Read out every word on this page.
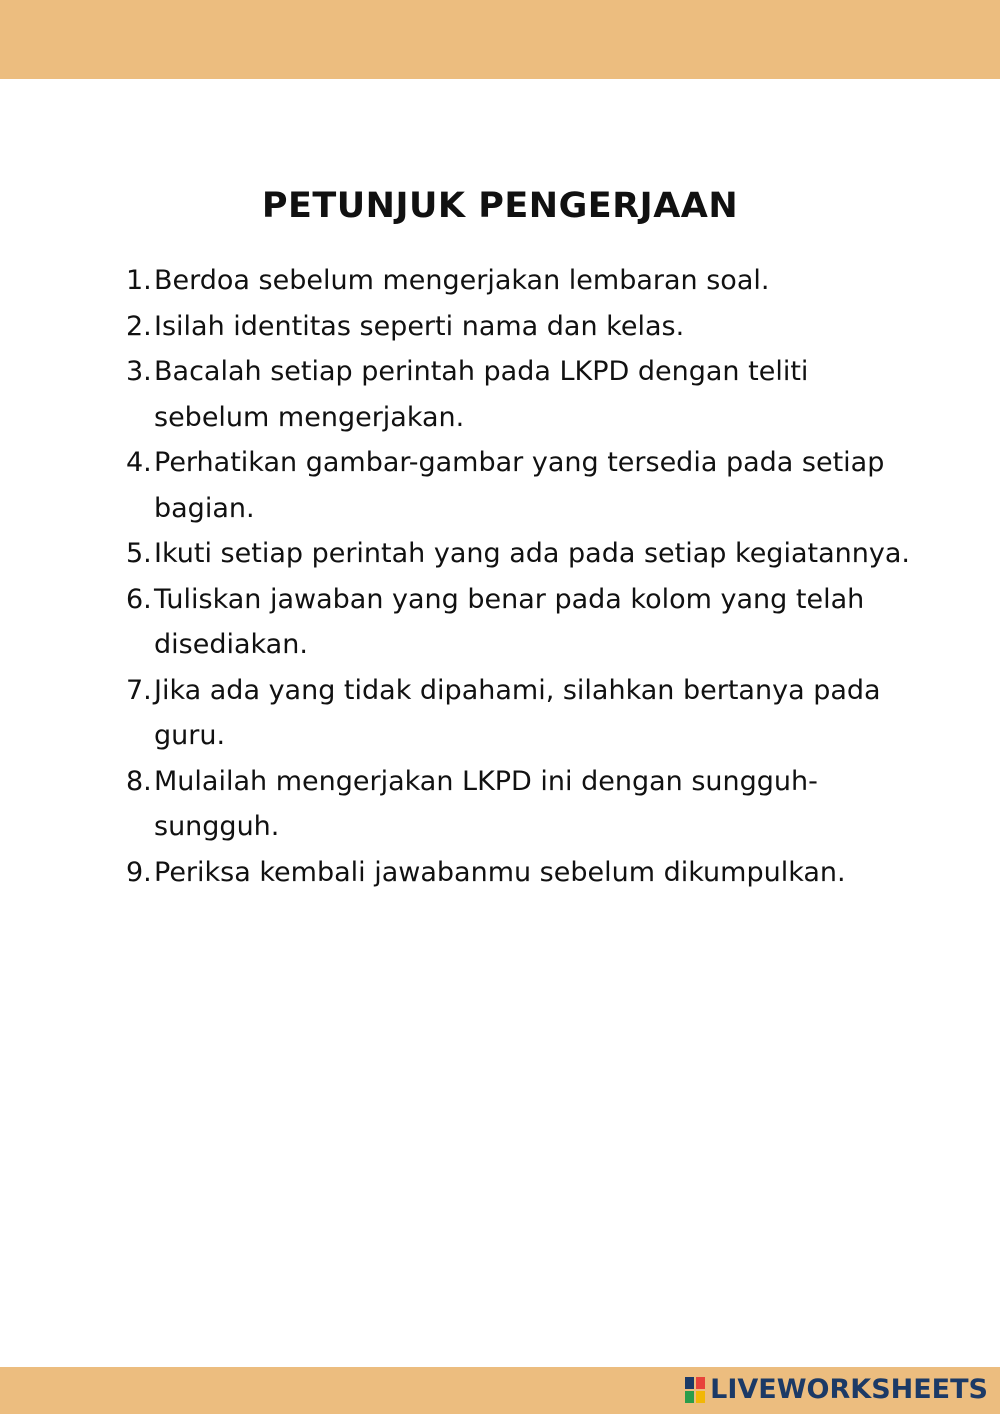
PETUNJUK PENGERJAAN
1. Berdoa sebelum mengerjakan lembaran soal.
2. Isilah identitas seperti nama dan kelas.
3. Bacalah setiap perintah pada LKPD dengan teliti sebelum mengerjakan.
4. Perhatikan gambar-gambar yang tersedia pada setiap bagian.
5. Ikuti setiap perintah yang ada pada setiap kegiatannya.
6. Tuliskan jawaban yang benar pada kolom yang telah disediakan.
7. Jika ada yang tidak dipahami, silahkan bertanya pada guru.
8. Mulailah mengerjakan LKPD ini dengan sungguh-sungguh.
9. Periksa kembali jawabanmu sebelum dikumpulkan.
LIVEWORKSHEETS
